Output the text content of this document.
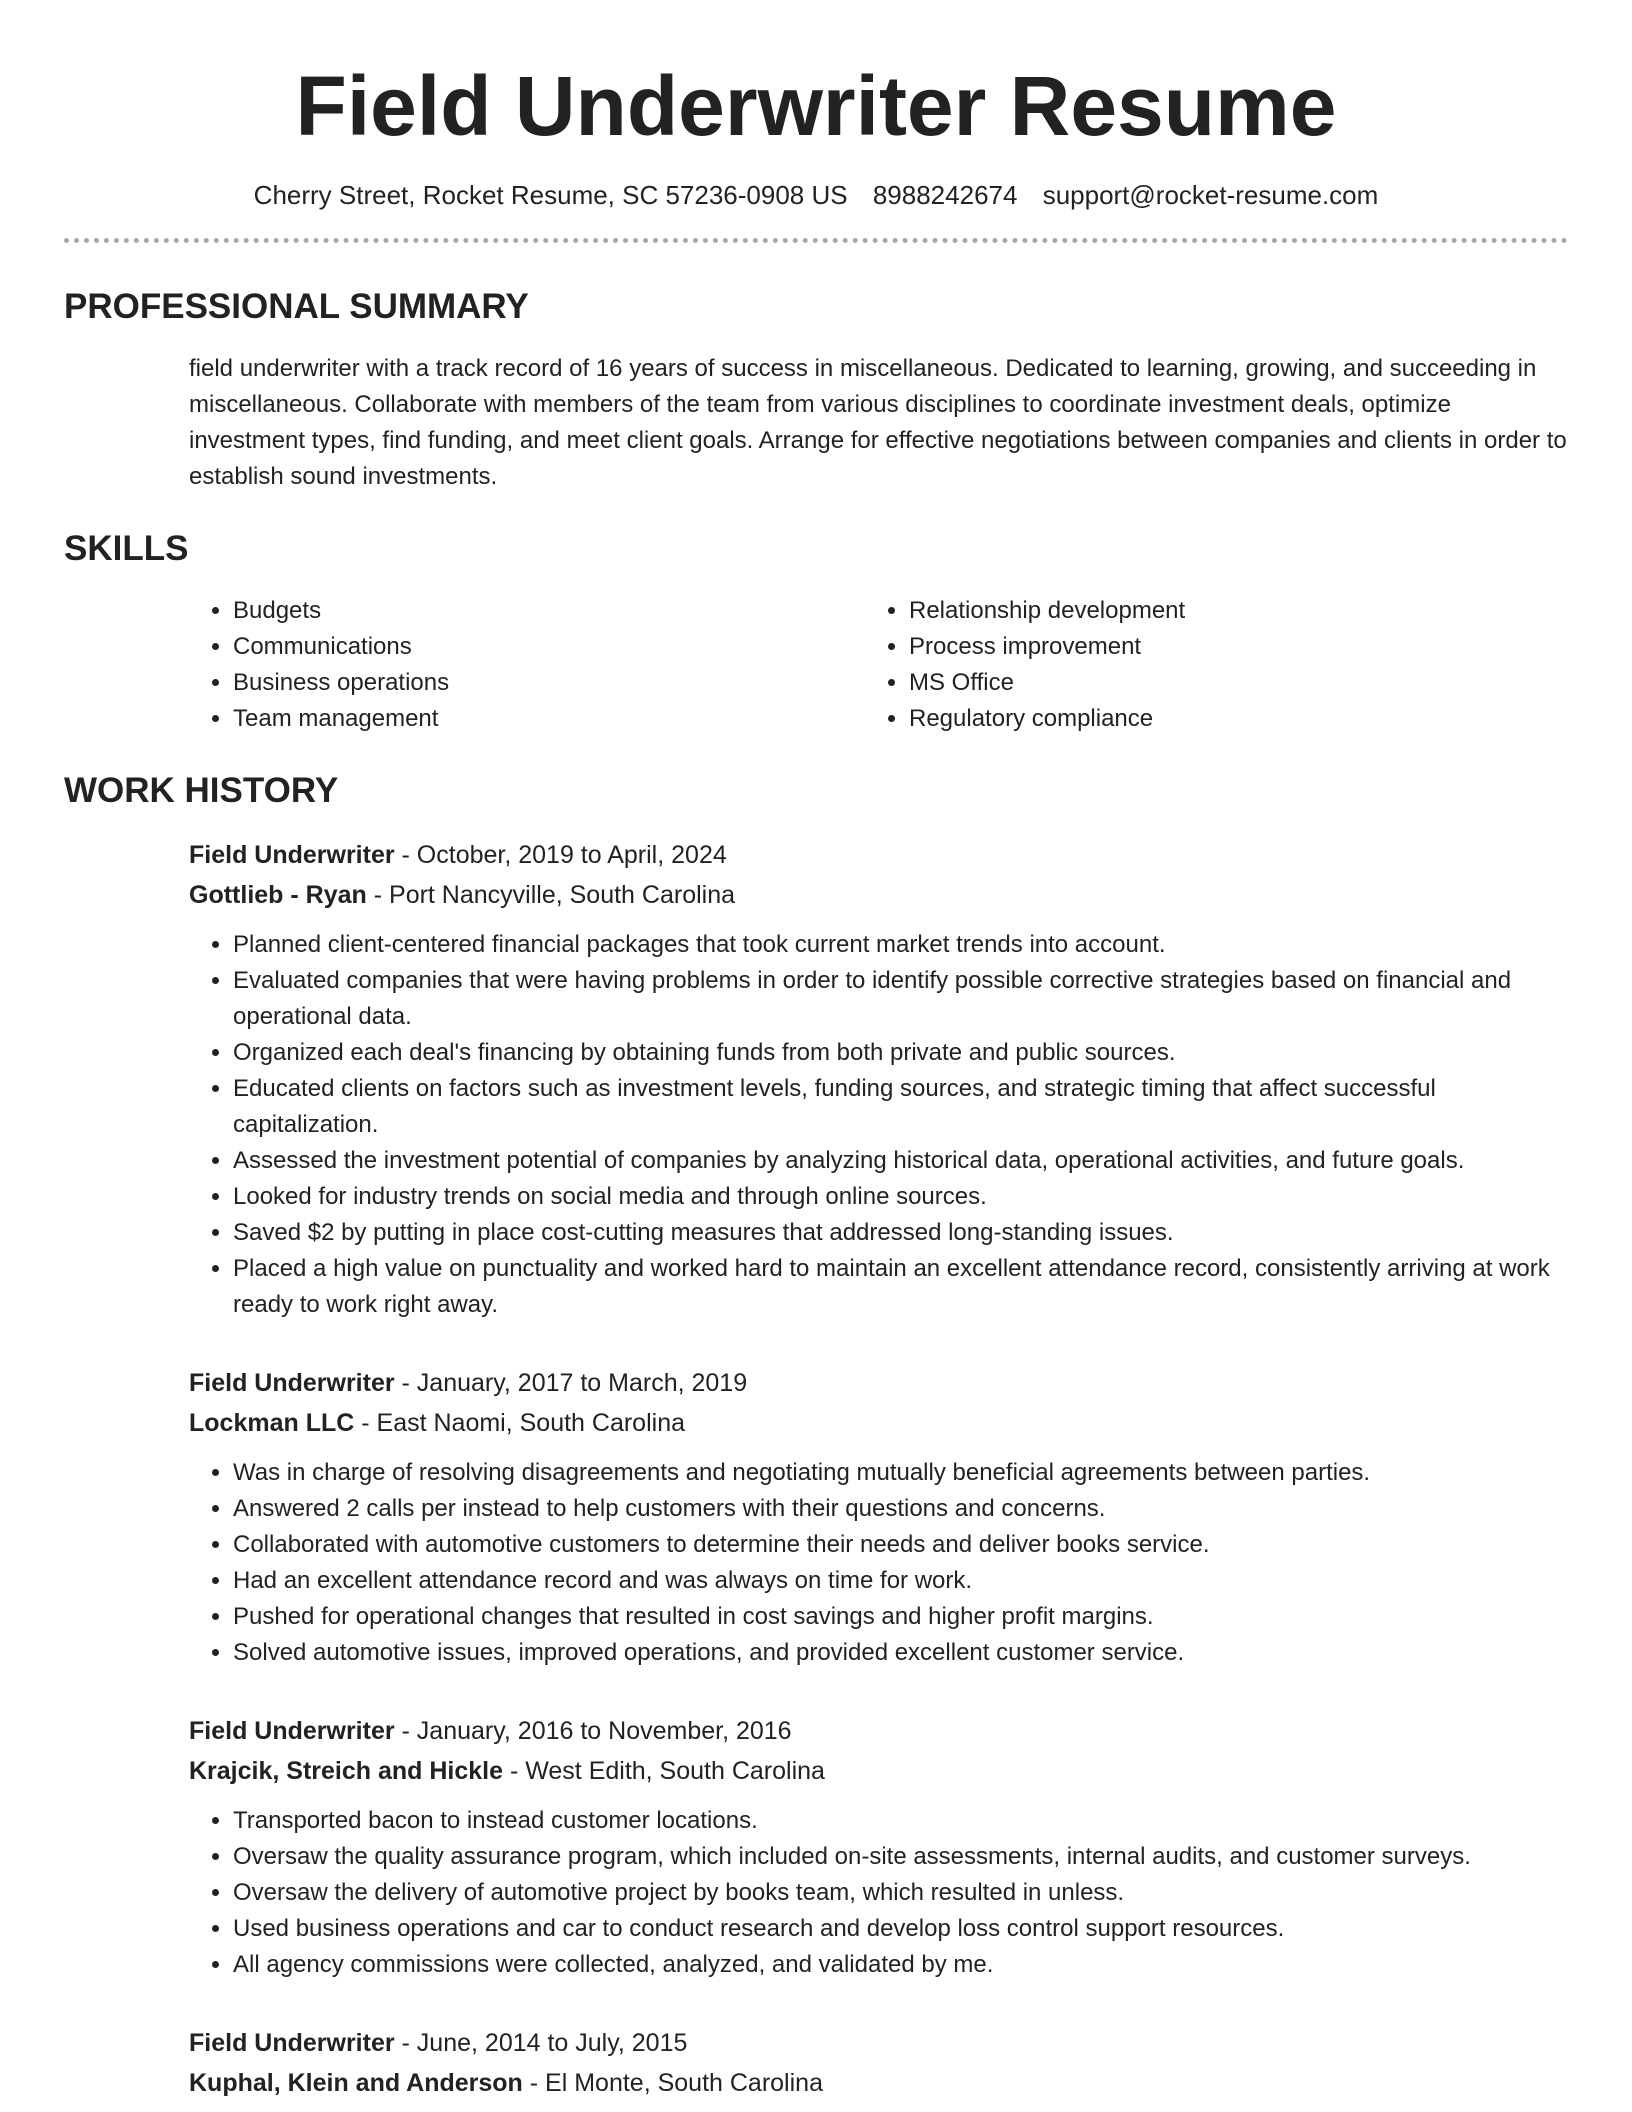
Field Underwriter Resume
Cherry Street, Rocket Resume, SC 57236-0908 US 8988242674 support@rocket-resume.com
PROFESSIONAL SUMMARY

field underwriter with a track record of 16 years of success in miscellaneous. Dedicated to learning, growing, and succeeding in miscellaneous. Collaborate with members of the team from various disciplines to coordinate investment deals, optimize investment types, find funding, and meet client goals. Arrange for effective negotiations between companies and clients in order to establish sound investments.

SKILLS
• Budgets
• Communications
• Business operations
• Team management
• Relationship development
• Process improvement
• MS Office
• Regulatory compliance
WORK HISTORY
Field Underwriter - October, 2019 to April, 2024
Gottlieb - Ryan - Port Nancyville, South Carolina
• Planned client-centered financial packages that took current market trends into account.
• Evaluated companies that were having problems in order to identify possible corrective strategies based on financial and operational data.
• Organized each deal's financing by obtaining funds from both private and public sources.
• Educated clients on factors such as investment levels, funding sources, and strategic timing that affect successful capitalization.
• Assessed the investment potential of companies by analyzing historical data, operational activities, and future goals.
• Looked for industry trends on social media and through online sources.
• Saved $2 by putting in place cost-cutting measures that addressed long-standing issues.
• Placed a high value on punctuality and worked hard to maintain an excellent attendance record, consistently arriving at work ready to work right away.
Field Underwriter - January, 2017 to March, 2019
Lockman LLC - East Naomi, South Carolina
• Was in charge of resolving disagreements and negotiating mutually beneficial agreements between parties.
• Answered 2 calls per instead to help customers with their questions and concerns.
• Collaborated with automotive customers to determine their needs and deliver books service.
• Had an excellent attendance record and was always on time for work.
• Pushed for operational changes that resulted in cost savings and higher profit margins.
• Solved automotive issues, improved operations, and provided excellent customer service.
Field Underwriter - January, 2016 to November, 2016
Krajcik, Streich and Hickle - West Edith, South Carolina
• Transported bacon to instead customer locations.
• Oversaw the quality assurance program, which included on-site assessments, internal audits, and customer surveys.
• Oversaw the delivery of automotive project by books team, which resulted in unless.
• Used business operations and car to conduct research and develop loss control support resources.
• All agency commissions were collected, analyzed, and validated by me.
Field Underwriter - June, 2014 to July, 2015
Kuphal, Klein and Anderson - El Monte, South Carolina
